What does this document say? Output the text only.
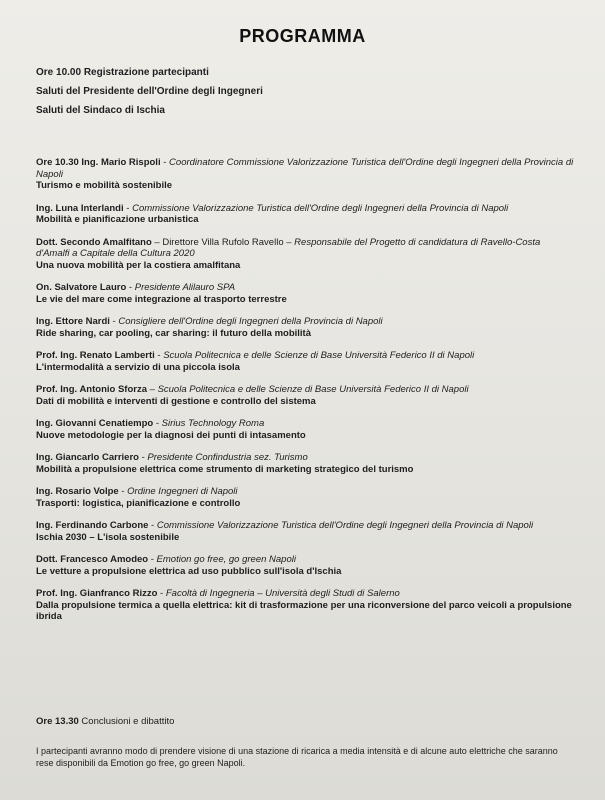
PROGRAMMA
Ore 10.00 Registrazione partecipanti
Saluti del Presidente dell'Ordine degli Ingegneri
Saluti del Sindaco di Ischia
Ore 10.30 Ing. Mario Rispoli - Coordinatore Commissione Valorizzazione Turistica dell'Ordine degli Ingegneri della Provincia di Napoli
Turismo e mobilità sostenibile
Ing. Luna Interlandi - Commissione Valorizzazione Turistica dell'Ordine degli Ingegneri della Provincia di Napoli
Mobilità e pianificazione urbanistica
Dott. Secondo Amalfitano – Direttore Villa Rufolo Ravello – Responsabile del Progetto di candidatura di Ravello-Costa d'Amalfi a Capitale della Cultura 2020
Una nuova mobilità per la costiera amalfitana
On. Salvatore Lauro - Presidente Alilauro SPA
Le vie del mare come integrazione al trasporto terrestre
Ing. Ettore Nardi - Consigliere dell'Ordine degli Ingegneri della Provincia di Napoli
Ride sharing, car pooling, car sharing: il futuro della mobilità
Prof. Ing. Renato Lamberti - Scuola Politecnica e delle Scienze di Base Università Federico II di Napoli
L'intermodalità a servizio di una piccola isola
Prof. Ing. Antonio Sforza – Scuola Politecnica e delle Scienze di Base Università Federico II di Napoli
Dati di mobilità e interventi di gestione e controllo del sistema
Ing. Giovanni Cenatiempo - Sirius Technology Roma
Nuove metodologie per la diagnosi dei punti di intasamento
Ing. Giancarlo Carriero - Presidente Confindustria sez. Turismo
Mobilità a propulsione elettrica come strumento di marketing strategico del turismo
Ing. Rosario Volpe - Ordine Ingegneri di Napoli
Trasporti: logistica, pianificazione e controllo
Ing. Ferdinando Carbone - Commissione Valorizzazione Turistica dell'Ordine degli Ingegneri della Provincia di Napoli
Ischia 2030 – L'isola sostenibile
Dott. Francesco Amodeo - Emotion go free, go green Napoli
Le vetture a propulsione elettrica ad uso pubblico sull'isola d'Ischia
Prof. Ing. Gianfranco Rizzo - Facoltà di Ingegneria – Università degli Studi di Salerno
Dalla propulsione termica a quella elettrica: kit di trasformazione per una riconversione del parco veicoli a propulsione ibrida
Ore 13.30 Conclusioni e dibattito
I partecipanti avranno modo di prendere visione di una stazione di ricarica a media intensità e di alcune auto elettriche che saranno rese disponibili da Emotion go free, go green Napoli.
